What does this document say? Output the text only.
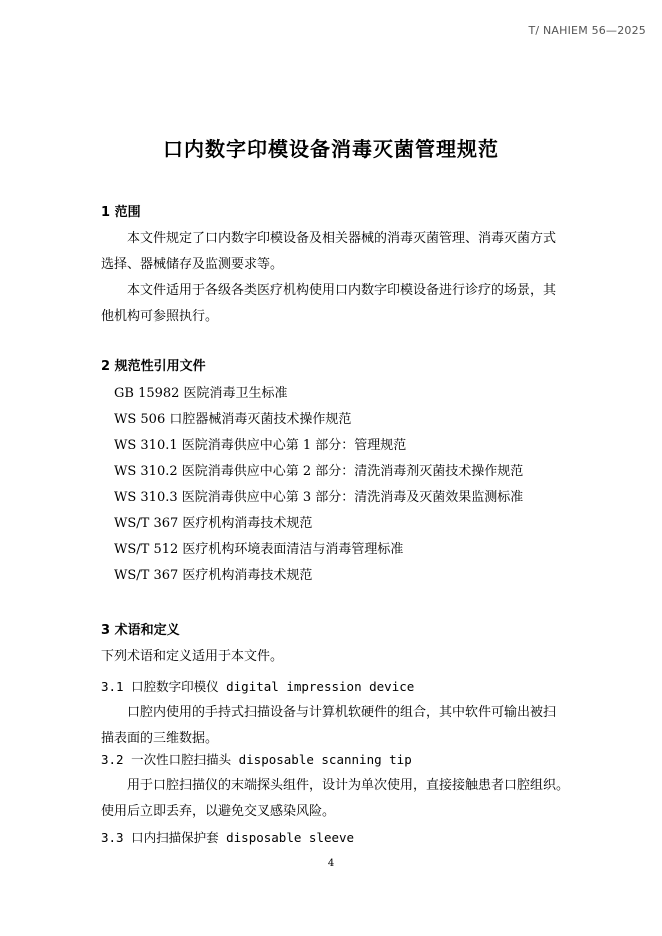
T/ NAHIEM 56—2025
口内数字印模设备消毒灭菌管理规范
1 范围
本文件规定了口内数字印模设备及相关器械的消毒灭菌管理、消毒灭菌方式
选择、器械储存及监测要求等。
本文件适用于各级各类医疗机构使用口内数字印模设备进行诊疗的场景，其
他机构可参照执行。
2 规范性引用文件
GB 15982 医院消毒卫生标准
WS 506 口腔器械消毒灭菌技术操作规范
WS 310.1 医院消毒供应中心第 1 部分：管理规范
WS 310.2 医院消毒供应中心第 2 部分：清洗消毒剂灭菌技术操作规范
WS 310.3 医院消毒供应中心第 3 部分：清洗消毒及灭菌效果监测标准
WS/T 367 医疗机构消毒技术规范
WS/T 512 医疗机构环境表面清洁与消毒管理标准
WS/T 367 医疗机构消毒技术规范
3 术语和定义
下列术语和定义适用于本文件。
3.1 口腔数字印模仪 digital impression device
口腔内使用的手持式扫描设备与计算机软硬件的组合，其中软件可输出被扫
描表面的三维数据。
3.2 一次性口腔扫描头 disposable scanning tip
用于口腔扫描仪的末端探头组件，设计为单次使用，直接接触患者口腔组织。
使用后立即丢弃，以避免交叉感染风险。
3.3 口内扫描保护套 disposable sleeve
4
